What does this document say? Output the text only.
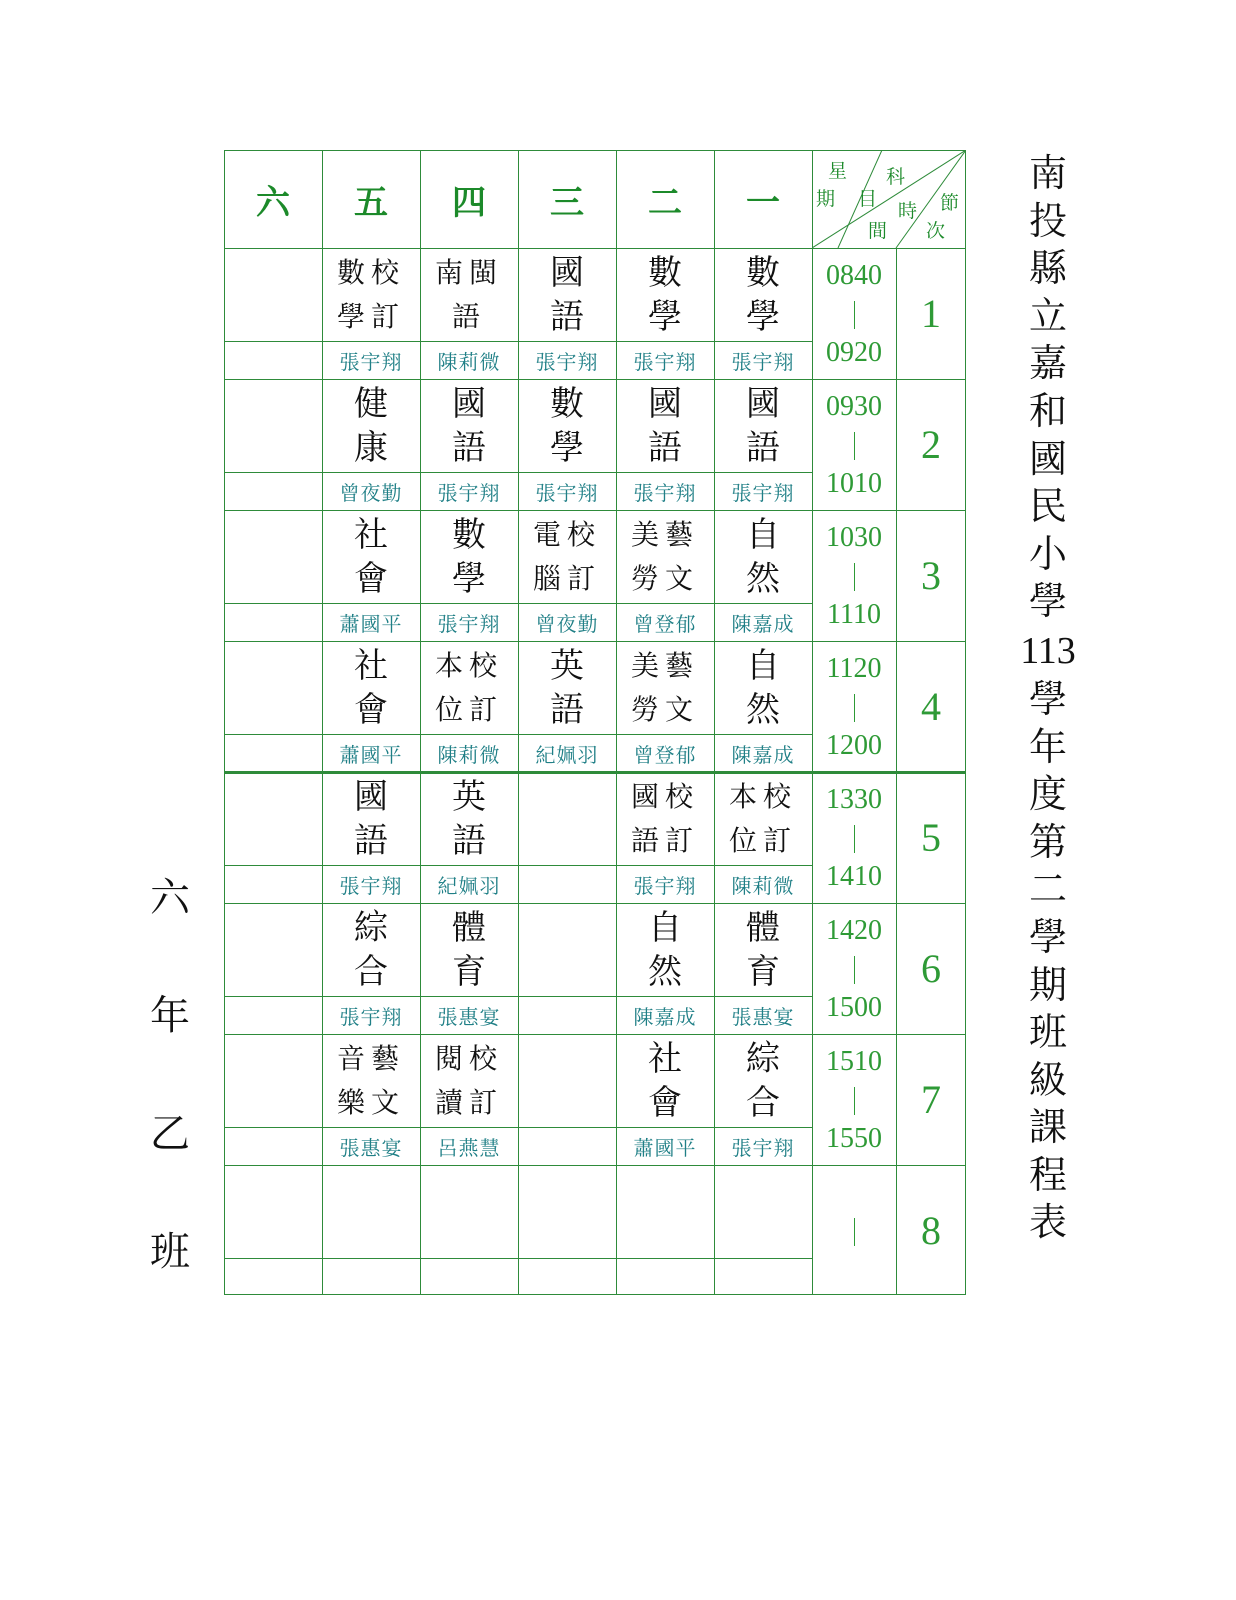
南
投
縣
立
嘉
和
國
民
小
學
113
學
年
度
第
二
學
期
班
級
課
程
表
六
年
乙
班
星
期
科
目
時
間
節
次
一
二
三
四
五
六
0840
0920
1
數
學
張宇翔
數
學
張宇翔
國
語
張宇翔
南閩
語
陳莉微
數校
學訂
張宇翔
0930
1010
2
國
語
張宇翔
國
語
張宇翔
數
學
張宇翔
國
語
張宇翔
健
康
曾夜勤
1030
1110
3
自
然
陳嘉成
美藝
勞文
曾登郁
電校
腦訂
曾夜勤
數
學
張宇翔
社
會
蕭國平
1120
1200
4
自
然
陳嘉成
美藝
勞文
曾登郁
英
語
紀姵羽
本校
位訂
陳莉微
社
會
蕭國平
1330
1410
5
本校
位訂
陳莉微
國校
語訂
張宇翔
英
語
紀姵羽
國
語
張宇翔
1420
1500
6
體
育
張惠宴
自
然
陳嘉成
體
育
張惠宴
綜
合
張宇翔
1510
1550
7
綜
合
張宇翔
社
會
蕭國平
閱校
讀訂
呂燕慧
音藝
樂文
張惠宴
8
